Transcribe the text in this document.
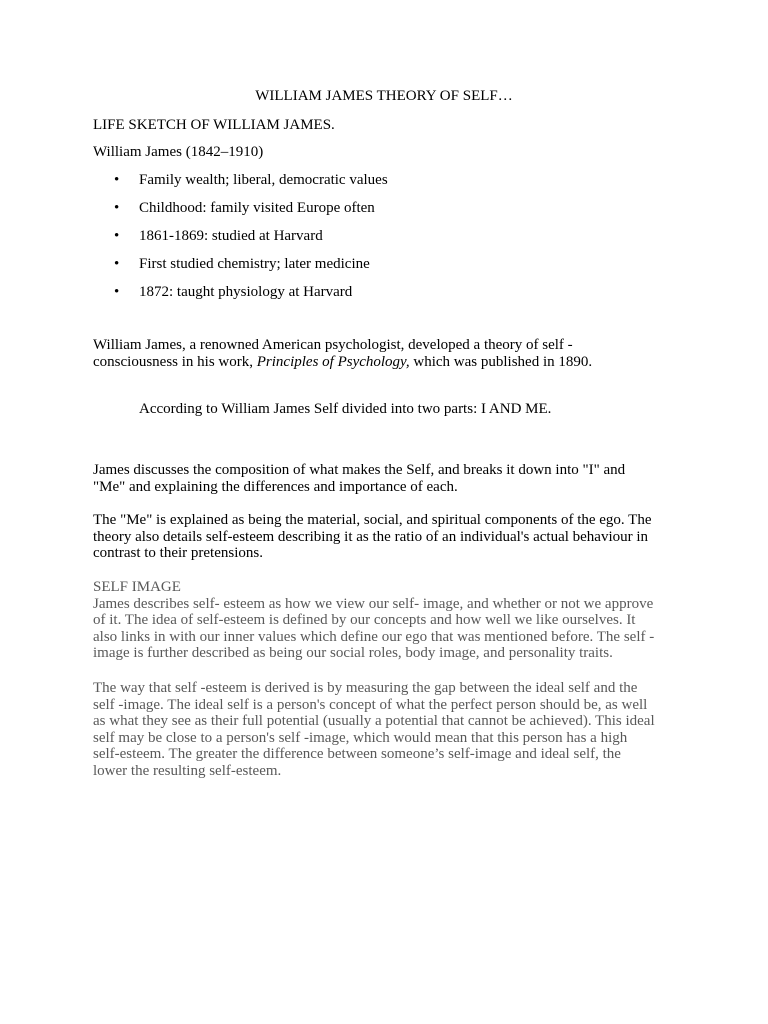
WILLIAM JAMES THEORY OF SELF…
LIFE SKETCH OF WILLIAM JAMES.
William James (1842–1910)
• Family wealth; liberal, democratic values
• Childhood: family visited Europe often
• 1861-1869: studied at Harvard
• First studied chemistry; later medicine
• 1872: taught physiology at Harvard

William James, a renowned American psychologist, developed a theory of self -
consciousness in his work, Principles of Psychology, which was published in 1890.

According to William James Self divided into two parts: I AND ME.

James discusses the composition of what makes the Self, and breaks it down into "I" and
"Me" and explaining the differences and importance of each.

The "Me" is explained as being the material, social, and spiritual components of the ego. The
theory also details self-esteem describing it as the ratio of an individual's actual behaviour in
contrast to their pretensions.

SELF IMAGE
James describes self- esteem as how we view our self- image, and whether or not we approve
of it. The idea of self-esteem is defined by our concepts and how well we like ourselves. It
also links in with our inner values which define our ego that was mentioned before. The self -
image is further described as being our social roles, body image, and personality traits.

The way that self -esteem is derived is by measuring the gap between the ideal self and the
self -image. The ideal self is a person's concept of what the perfect person should be, as well
as what they see as their full potential (usually a potential that cannot be achieved). This ideal
self may be close to a person's self -image, which would mean that this person has a high
self-esteem. The greater the difference between someone’s self-image and ideal self, the
lower the resulting self-esteem.
